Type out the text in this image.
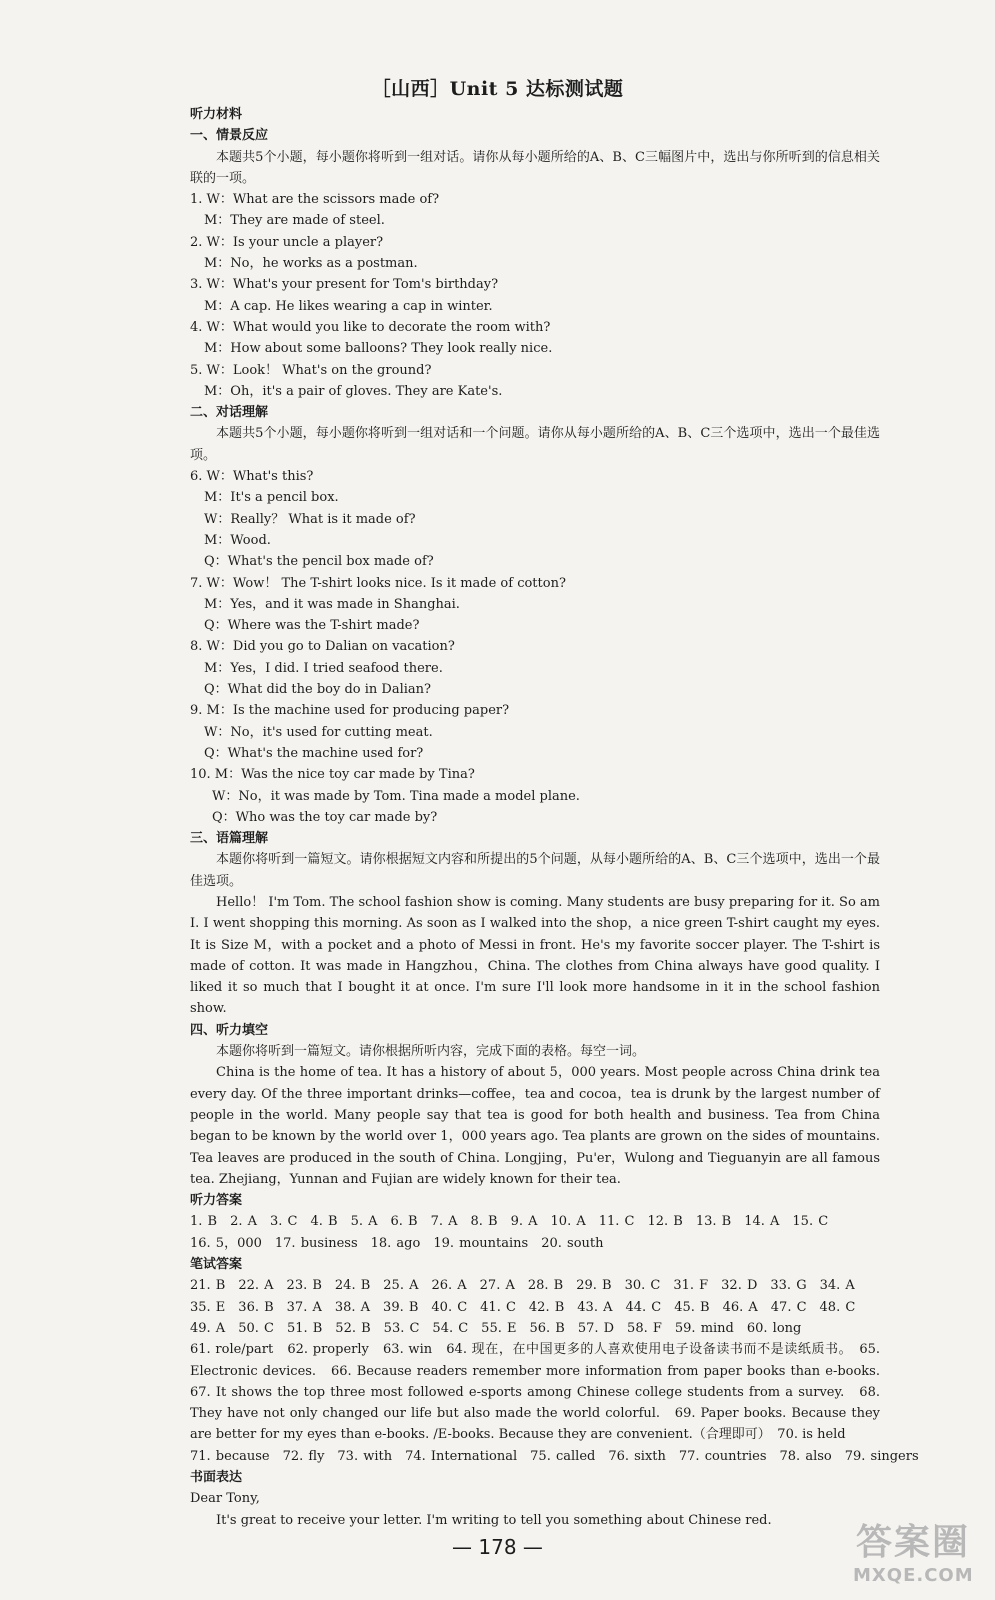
［山西］Unit 5 达标测试题
听力材料
一、情景反应
本题共5个小题，每小题你将听到一组对话。请你从每小题所给的A、B、C三幅图片中，选出与你所听到的信息相关联的一项。
1. W：What are the scissors made of?
M：They are made of steel.
2. W：Is your uncle a player?
M：No，he works as a postman.
3. W：What's your present for Tom's birthday?
M：A cap. He likes wearing a cap in winter.
4. W：What would you like to decorate the room with?
M：How about some balloons? They look really nice.
5. W：Look！ What's on the ground?
M：Oh，it's a pair of gloves. They are Kate's.
二、对话理解
本题共5个小题，每小题你将听到一组对话和一个问题。请你从每小题所给的A、B、C三个选项中，选出一个最佳选项。
6. W：What's this?
M：It's a pencil box.
W：Really？ What is it made of?
M：Wood.
Q：What's the pencil box made of?
7. W：Wow！ The T-shirt looks nice. Is it made of cotton?
M：Yes，and it was made in Shanghai.
Q：Where was the T-shirt made?
8. W：Did you go to Dalian on vacation?
M：Yes，I did. I tried seafood there.
Q：What did the boy do in Dalian?
9. M：Is the machine used for producing paper?
W：No，it's used for cutting meat.
Q：What's the machine used for?
10. M：Was the nice toy car made by Tina?
W：No，it was made by Tom. Tina made a model plane.
Q：Who was the toy car made by?
三、语篇理解
本题你将听到一篇短文。请你根据短文内容和所提出的5个问题，从每小题所给的A、B、C三个选项中，选出一个最佳选项。
Hello！ I'm Tom. The school fashion show is coming. Many students are busy preparing for it. So am I. I went shopping this morning. As soon as I walked into the shop，a nice green T-shirt caught my eyes. It is Size M，with a pocket and a photo of Messi in front. He's my favorite soccer player. The T-shirt is made of cotton. It was made in Hangzhou，China. The clothes from China always have good quality. I liked it so much that I bought it at once. I'm sure I'll look more handsome in it in the school fashion show.
四、听力填空
本题你将听到一篇短文。请你根据所听内容，完成下面的表格。每空一词。
China is the home of tea. It has a history of about 5，000 years. Most people across China drink tea every day. Of the three important drinks—coffee，tea and cocoa，tea is drunk by the largest number of people in the world. Many people say that tea is good for both health and business. Tea from China began to be known by the world over 1，000 years ago. Tea plants are grown on the sides of mountains. Tea leaves are produced in the south of China. Longjing，Pu'er，Wulong and Tieguanyin are all famous tea. Zhejiang，Yunnan and Fujian are widely known for their tea.
听力答案
1. B　2. A　3. C　4. B　5. A　6. B　7. A　8. B　9. A　10. A　11. C　12. B　13. B　14. A　15. C
16. 5，000　17. business　18. ago　19. mountains　20. south
笔试答案
21. B　22. A　23. B　24. B　25. A　26. A　27. A　28. B　29. B　30. C　31. F　32. D　33. G　34. A
35. E　36. B　37. A　38. A　39. B　40. C　41. C　42. B　43. A　44. C　45. B　46. A　47. C　48. C
49. A　50. C　51. B　52. B　53. C　54. C　55. E　56. B　57. D　58. F　59. mind　60. long
61. role/part　62. properly　63. win　64. 现在，在中国更多的人喜欢使用电子设备读书而不是读纸质书。　65. Electronic devices.　66. Because readers remember more information from paper books than e-books.　67. It shows the top three most followed e-sports among Chinese college students from a survey.　68. They have not only changed our life but also made the world colorful.　69. Paper books. Because they are better for my eyes than e-books. /E-books. Because they are convenient.（合理即可）　70. is held
71. because　72. fly　73. with　74. International　75. called　76. sixth　77. countries　78. also　79. singers
书面表达
Dear Tony,
It's great to receive your letter. I'm writing to tell you something about Chinese red.
— 178 —	答案圈
MXQE.COM
